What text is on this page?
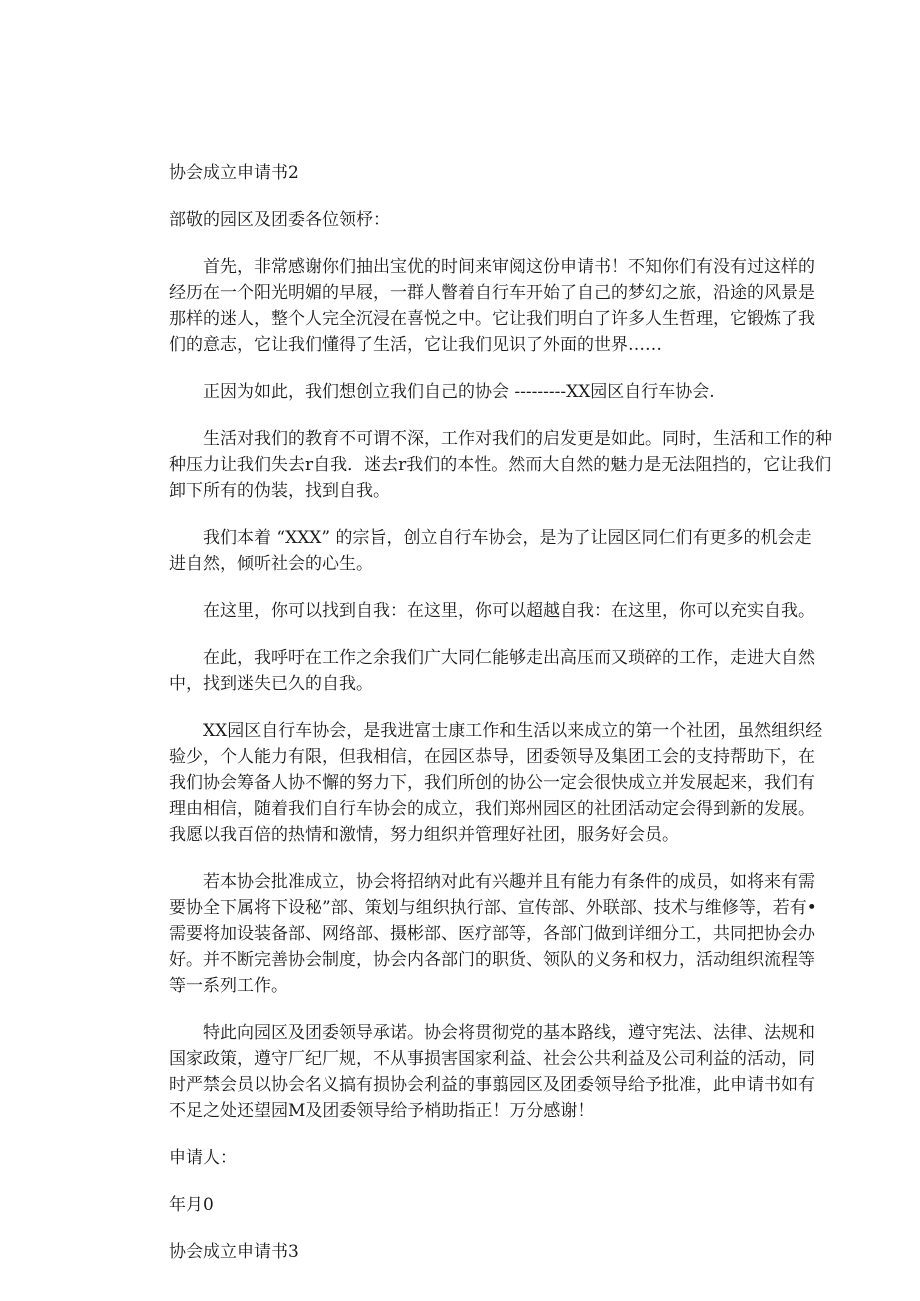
协会成立申请书2

部敬的园区及团委各位领杼：

首先，非常感谢你们抽出宝优的时间来审阅这份申请书！不知你们有没有过这样的
经历在一个阳光明媚的早屐，一群人瞥着自行车开始了自己的梦幻之旅，沿途的风景是
那样的迷人，整个人完全沉浸在喜悦之中。它让我们明白了许多人生哲理，它锻炼了我
们的意志，它让我们懂得了生活，它让我们见识了外面的世界……
正因为如此，我们想创立我们自己的协会 ---------XX园区自行车协会.
生活对我们的教育不可谓不深，工作对我们的启发更是如此。同时，生活和工作的种
种压力让我们失去r自我．迷去r我们的本性。然而大自然的魅力是无法阻挡的，它让我们
卸下所有的伪装，找到自我。
我们本着 “XXX” 的宗旨，创立自行车协会，是为了让园区同仁们有更多的机会走
进自然，倾听社会的心生。
在这里，你可以找到自我：在这里，你可以超越自我：在这里，你可以充实自我。
在此，我呼吁在工作之余我们广大同仁能够走出高压而又琐碎的工作，走进大自然
中，找到迷失已久的自我。
XX园区自行车协会，是我进富士康工作和生活以来成立的第一个社团，虽然组织经
验少，个人能力有限，但我相信，在园区恭导，团委领导及集团工会的支持帮助下，在
我们协会筹备人协不懈的努力下，我们所创的协公一定会很快成立并发展起来，我们有
理由相信，随着我们自行车协会的成立，我们郑州园区的社团活动定会得到新的发展。
我愿以我百倍的热情和激情，努力组织并管理好社团，服务好会员。
若本协会批准成立，协会将招纳对此有兴趣并且有能力有条件的成员，如将来有需
要协全下属将下设秘”部、策划与组织执行部、宣传部、外联部、技术与维修等，若有•
需要将加设装备部、网络部、摄彬部、医疗部等，各部门做到详细分工，共同把协会办
好。并不断完善协会制度，协会内各部门的职货、领队的义务和权力，活动组织流程等
等一系列工作。
特此向园区及团委领导承诺。协会将贯彻党的基本路线，遵守宪法、法律、法规和
国家政策，遵守厂纪厂规，不从事损害国家利益、社会公共利益及公司利益的活动，同
时严禁会员以协会名义搞有损协会利益的事翦园区及团委领导给予批准，此申请书如有
不足之处还望园M及团委领导给予梢助指正！万分感谢！

申请人：

年月0

协会成立申请书3
